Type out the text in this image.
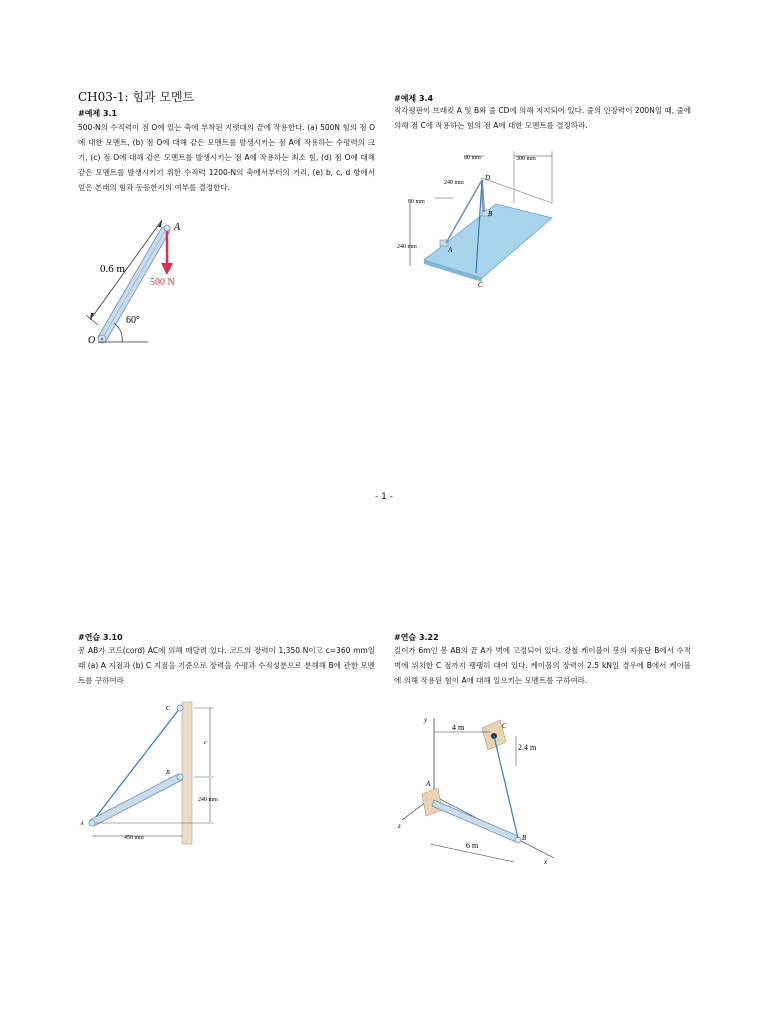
CH03-1: 힘과 모멘트
#예제 3.1
500-N의 수직력이 점 O에 있는 축에 부착된 지렛대의 끝에 작용한다. (a) 500N 힘의 점 O에 대한 모멘트, (b) 점 O에 대해 같은 모멘트를 발생시키는 점 A에 작용하는 수평력의 크기, (c) 점 O에 대해 같은 모멘트를 발생시키는 점 A에 작용하는 최소 힘, (d) 점 O에 대해 같은 모멘트를 발생시키기 위한 수직력 1200-N의 축에서부터의 거리, (e) b, c, d 항에서 얻은 본래의 힘과 동등한지의 여부를 결정한다.
A
O
0.6 m
500 N
60°
#예제 3.4
직각평판이 브래킷 A 및 B와 줄 CD에 의해 지지되어 있다. 줄의 인장력이 200N일 때, 줄에 의해 점 C에 작용하는 힘의 점 A에 대한 모멘트를 결정하라.
80 mm	300 mm
240 mm
80 mm
240 mm	A
B
C
D
- 1 -
#연습 3.10
봉 AB가 코드(cord) AC에 의해 매달려 있다. 코드의 장력이 1,350 N이고 c=360 mm일 때 (a) A 지점과 (b) C 지점을 기준으로 장력을 수평과 수직성분으로 분해해 B에 관한 모멘트를 구하여라
C
B
A
c
240 mm
450 mm
#연습 3.22
길이가 6m인 봉 AB의 끝 A가 벽에 고정되어 있다. 강철 케이블이 봉의 자유단 B에서 수직 벽에 위치한 C 점까지 팽팽히 대여 있다. 케이블의 장력이 2.5 kN일 경우에 B에서 케이블에 의해 작용된 힘이 A에 대해 일으키는 모멘트를 구하여라.
y
z
x
A
B
C
4 m
2.4 m
6 m
